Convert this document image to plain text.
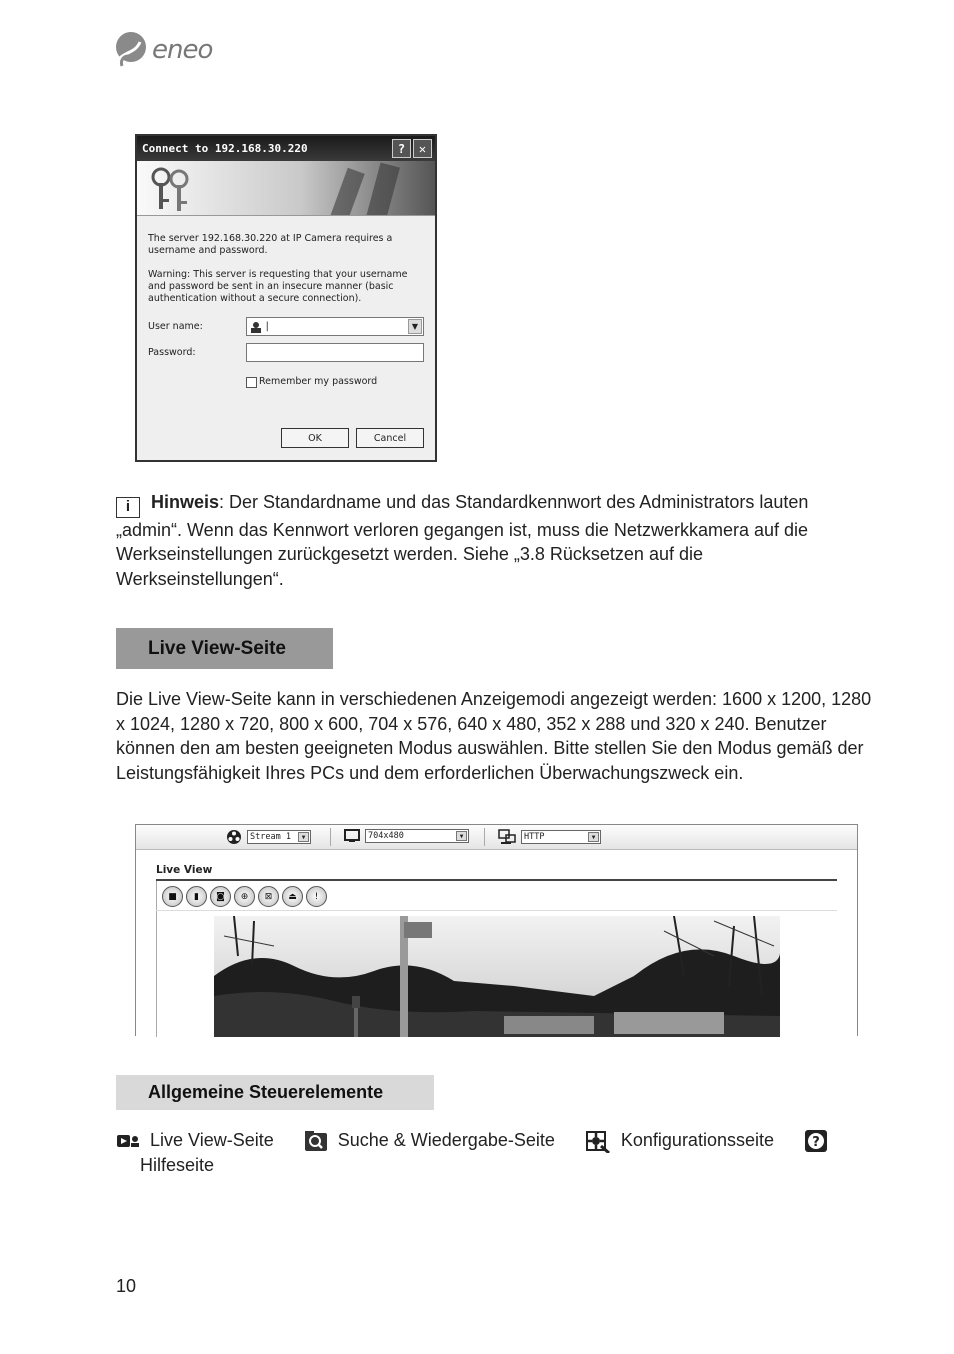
eneo
Connect to 192.168.30.220	?	✕

The server 192.168.30.220 at IP Camera requires a username and password.

Warning: This server is requesting that your username and password be sent in an insecure manner (basic authentication without a secure connection).

User name:	|	▼
Password:
Remember my password
OK	Cancel
i Hinweis: Der Standardname und das Standardkennwort des Administrators lauten „admin“. Wenn das Kennwort verloren gegangen ist, muss die Netzwerkkamera auf die Werkseinstellungen zurückgesetzt werden. Siehe „3.8 Rücksetzen auf die Werkseinstellungen“.
Live View-Seite

Die Live View-Seite kann in verschiedenen Anzeigemodi angezeigt werden: 1600 x 1200, 1280 x 1024, 1280 x 720, 800 x 600, 704 x 576, 640 x 480, 352 x 288 und 320 x 240. Benutzer können den am besten geeigneten Modus auswählen. Bitte stellen Sie den Modus gemäß der Leistungsfähigkeit Ihres PCs und dem erforderlichen Überwachungszweck ein.

Stream 1	▼	704x480	▼	HTTP	▼
Live View
■	▮	◙	⊕	⊠	⏏	!
Allgemeine Steuerelemente
Live View-Seite	Suche & Wiedergabe-Seite	Konfigurationsseite	?

Hilfeseite
10
